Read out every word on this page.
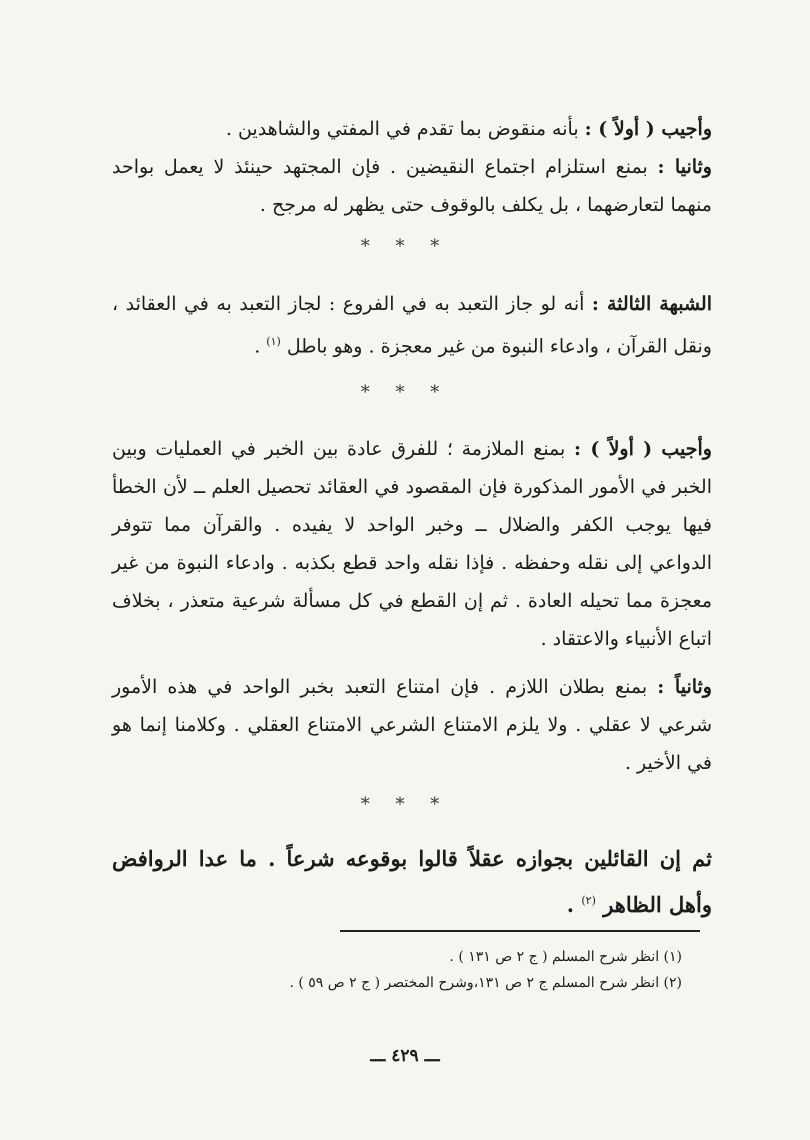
وأجيب ( أولاً ) : بأنه منقوض بما تقدم في المفتي والشاهدين .

وثانيا : بمنع استلزام اجتماع النقيضين . فإن المجتهد حينئذ لا يعمل بواحد منهما لتعارضهما ، بل يكلف بالوقوف حتى يظهر له مرجح .

* * *

الشبهة الثالثة : أنه لو جاز التعبد به في الفروع : لجاز التعبد به في العقائد ، ونقل القرآن ، وادعاء النبوة من غير معجزة . وهو باطل $^{(١)}$ .

* * *

وأجيب ( أولاً ) : بمنع الملازمة ؛ للفرق عادة بين الخبر في العمليات وبين الخبر في الأمور المذكورة فإن المقصود في العقائد تحصيل العلم ــ لأن الخطأ فيها يوجب الكفر والضلال ــ وخبر الواحد لا يفيده . والقرآن مما تتوفر الدواعي إلى نقله وحفظه . فإذا نقله واحد قطع بكذبه . وادعاء النبوة من غير معجزة مما تحيله العادة . ثم إن القطع في كل مسألة شرعية متعذر ، بخلاف اتباع الأنبياء والاعتقاد .

وثانياً : بمنع بطلان اللازم . فإن امتناع التعبد بخبر الواحد في هذه الأمور شرعي لا عقلي . ولا يلزم الامتناع الشرعي الامتناع العقلي . وكلامنا إنما هو في الأخير .

* * *
ثم إن القائلين بجوازه عقلاً قالوا بوقوعه شرعاً . ما عدا الروافض وأهل الظاهر $^{(٢)}$ .

(١) انظر شرح المسلم ( ج ٢ ص ١٣١ ) .

(٢) انظر شرح المسلم ج ٢ ص ١٣١،وشرح المختصر ( ج ٢ ص ٥٩ ) .

ـــ ٤٢٩ ـــ
